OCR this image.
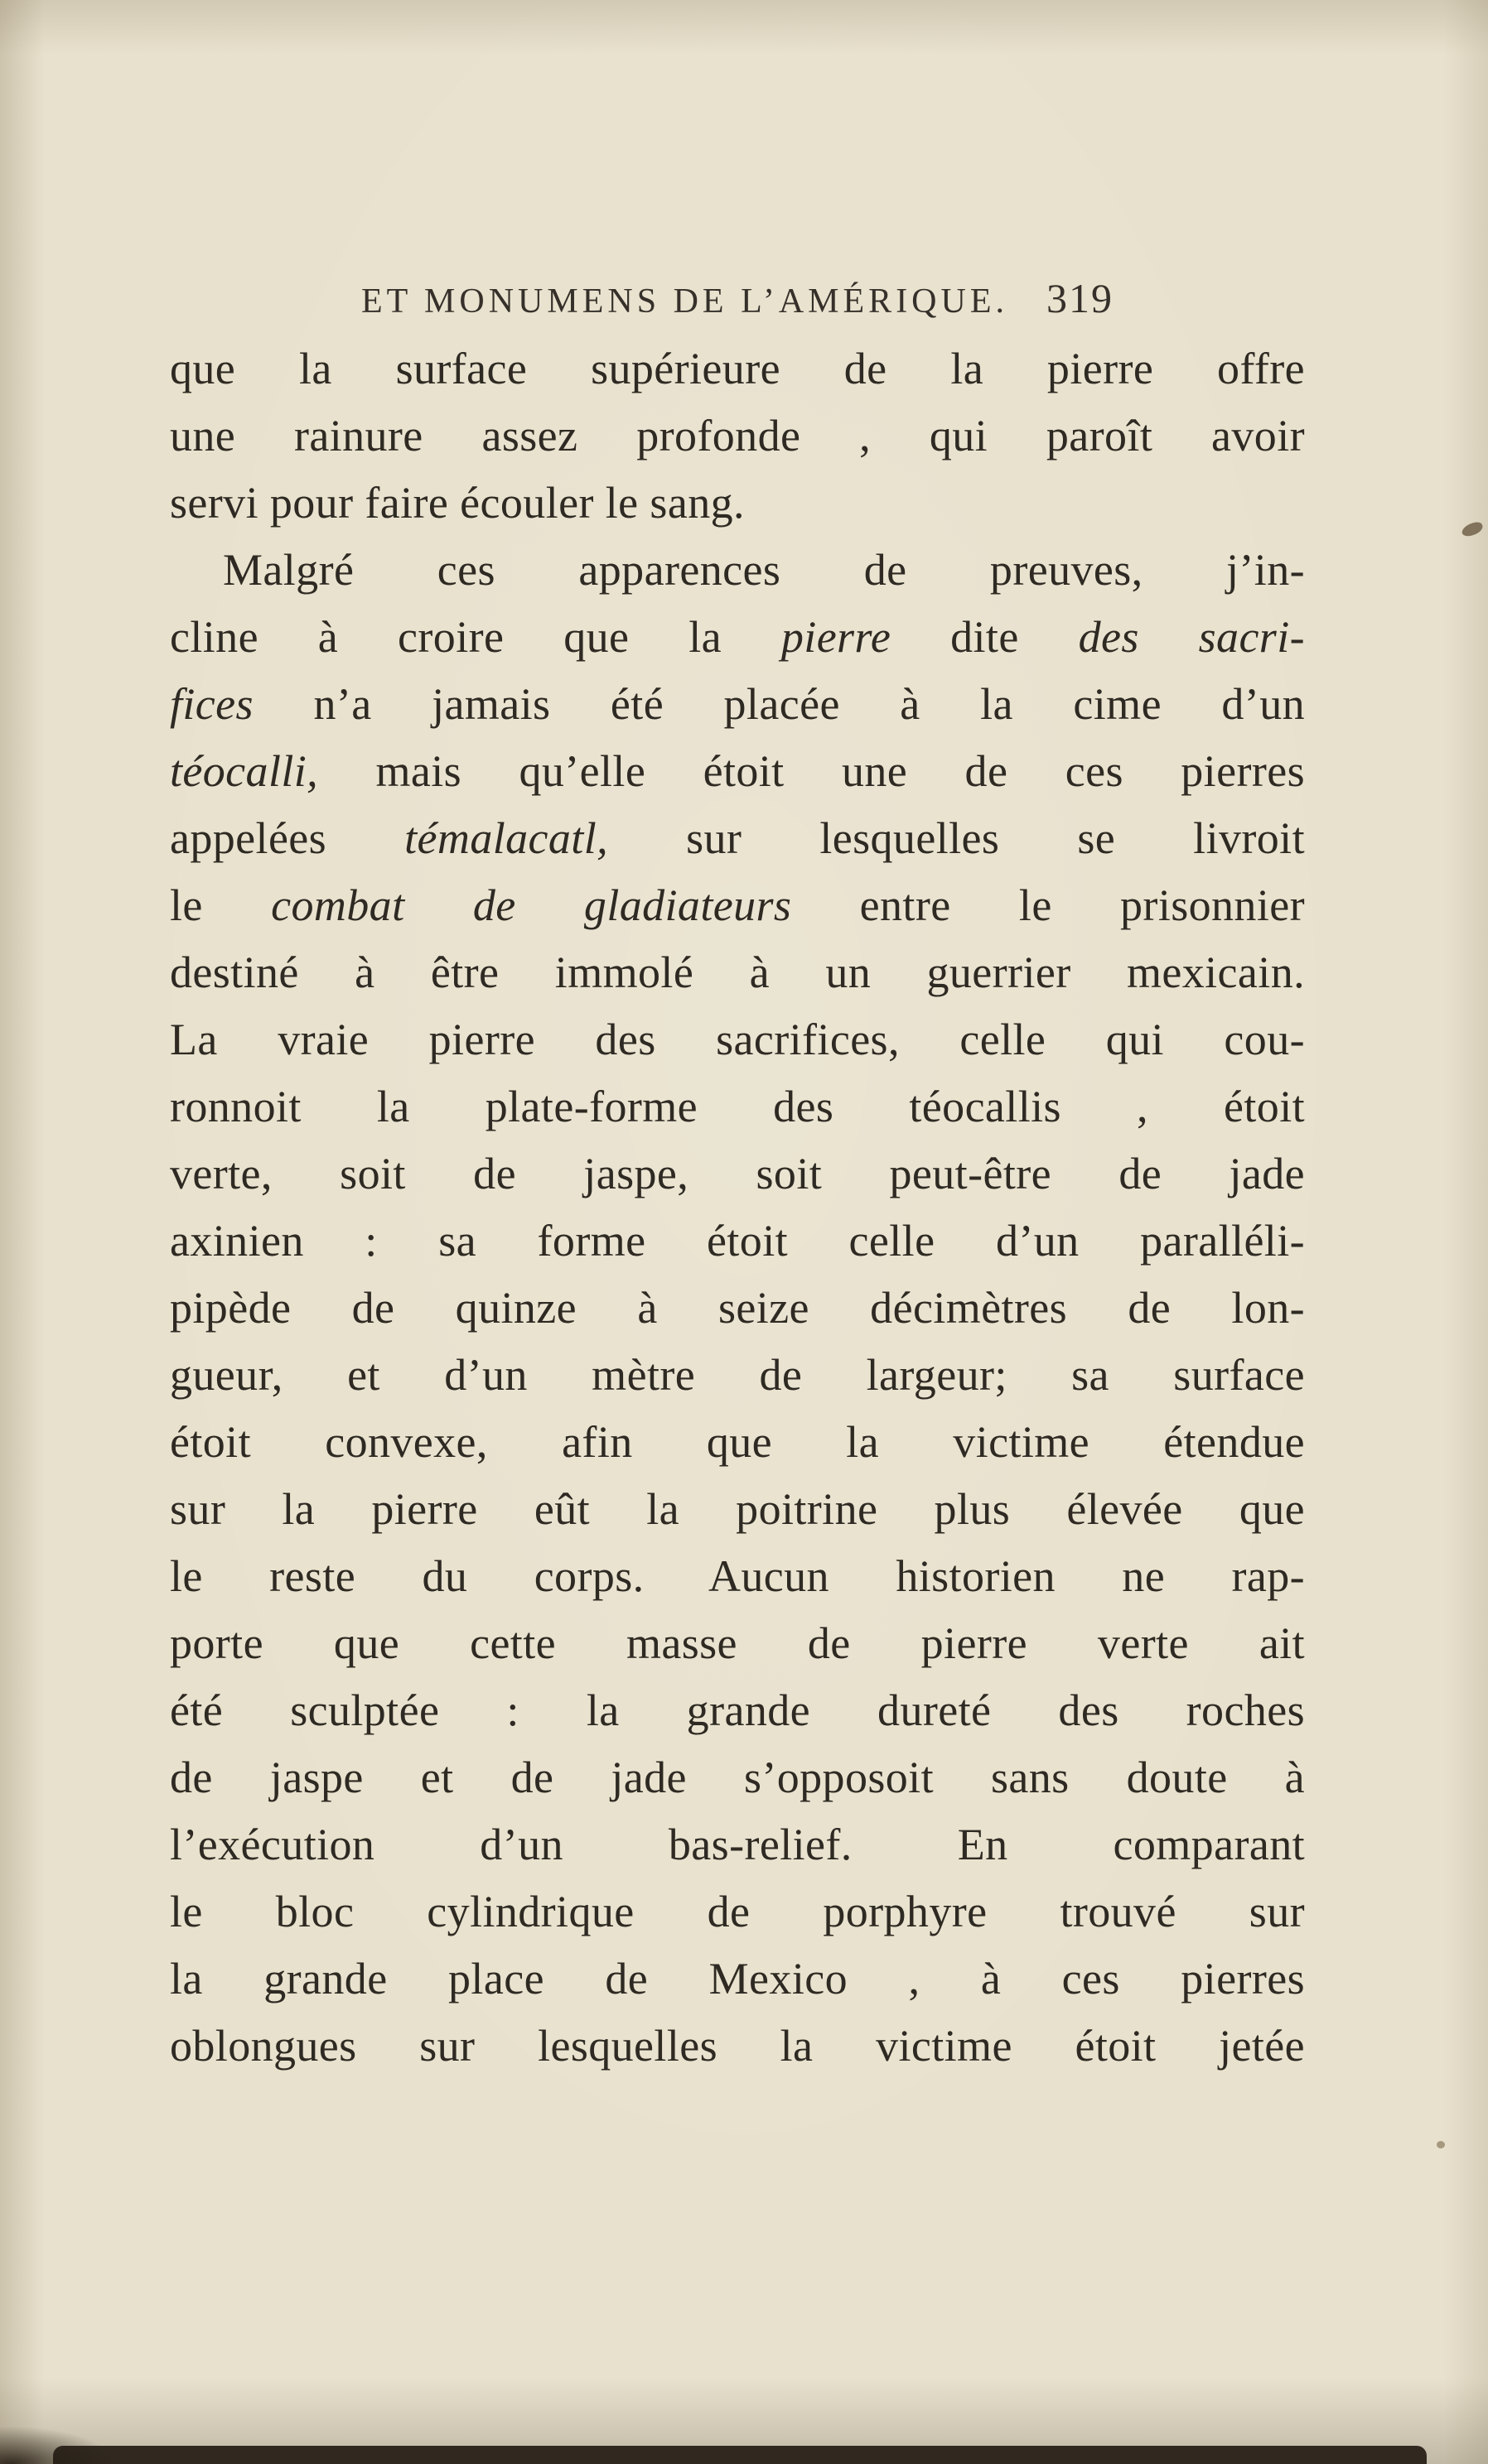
ET MONUMENS DE L’AMÉRIQUE. 319
que la surface supérieure de la pierre offre
une rainure assez profonde , qui paroît avoir
servi pour faire écouler le sang.
Malgré ces apparences de preuves, j’in-
cline à croire que la pierre dite des sacri-
fices n’a jamais été placée à la cime d’un
téocalli, mais qu’elle étoit une de ces pierres
appelées témalacatl, sur lesquelles se livroit
le combat de gladiateurs entre le prisonnier
destiné à être immolé à un guerrier mexicain.
La vraie pierre des sacrifices, celle qui cou-
ronnoit la plate-forme des téocallis , étoit
verte, soit de jaspe, soit peut-être de jade
axinien : sa forme étoit celle d’un paralléli-
pipède de quinze à seize décimètres de lon-
gueur, et d’un mètre de largeur; sa surface
étoit convexe, afin que la victime étendue
sur la pierre eût la poitrine plus élevée que
le reste du corps. Aucun historien ne rap-
porte que cette masse de pierre verte ait
été sculptée : la grande dureté des roches
de jaspe et de jade s’opposoit sans doute à
l’exécution d’un bas-relief. En comparant
le bloc cylindrique de porphyre trouvé sur
la grande place de Mexico , à ces pierres
oblongues sur lesquelles la victime étoit jetée
